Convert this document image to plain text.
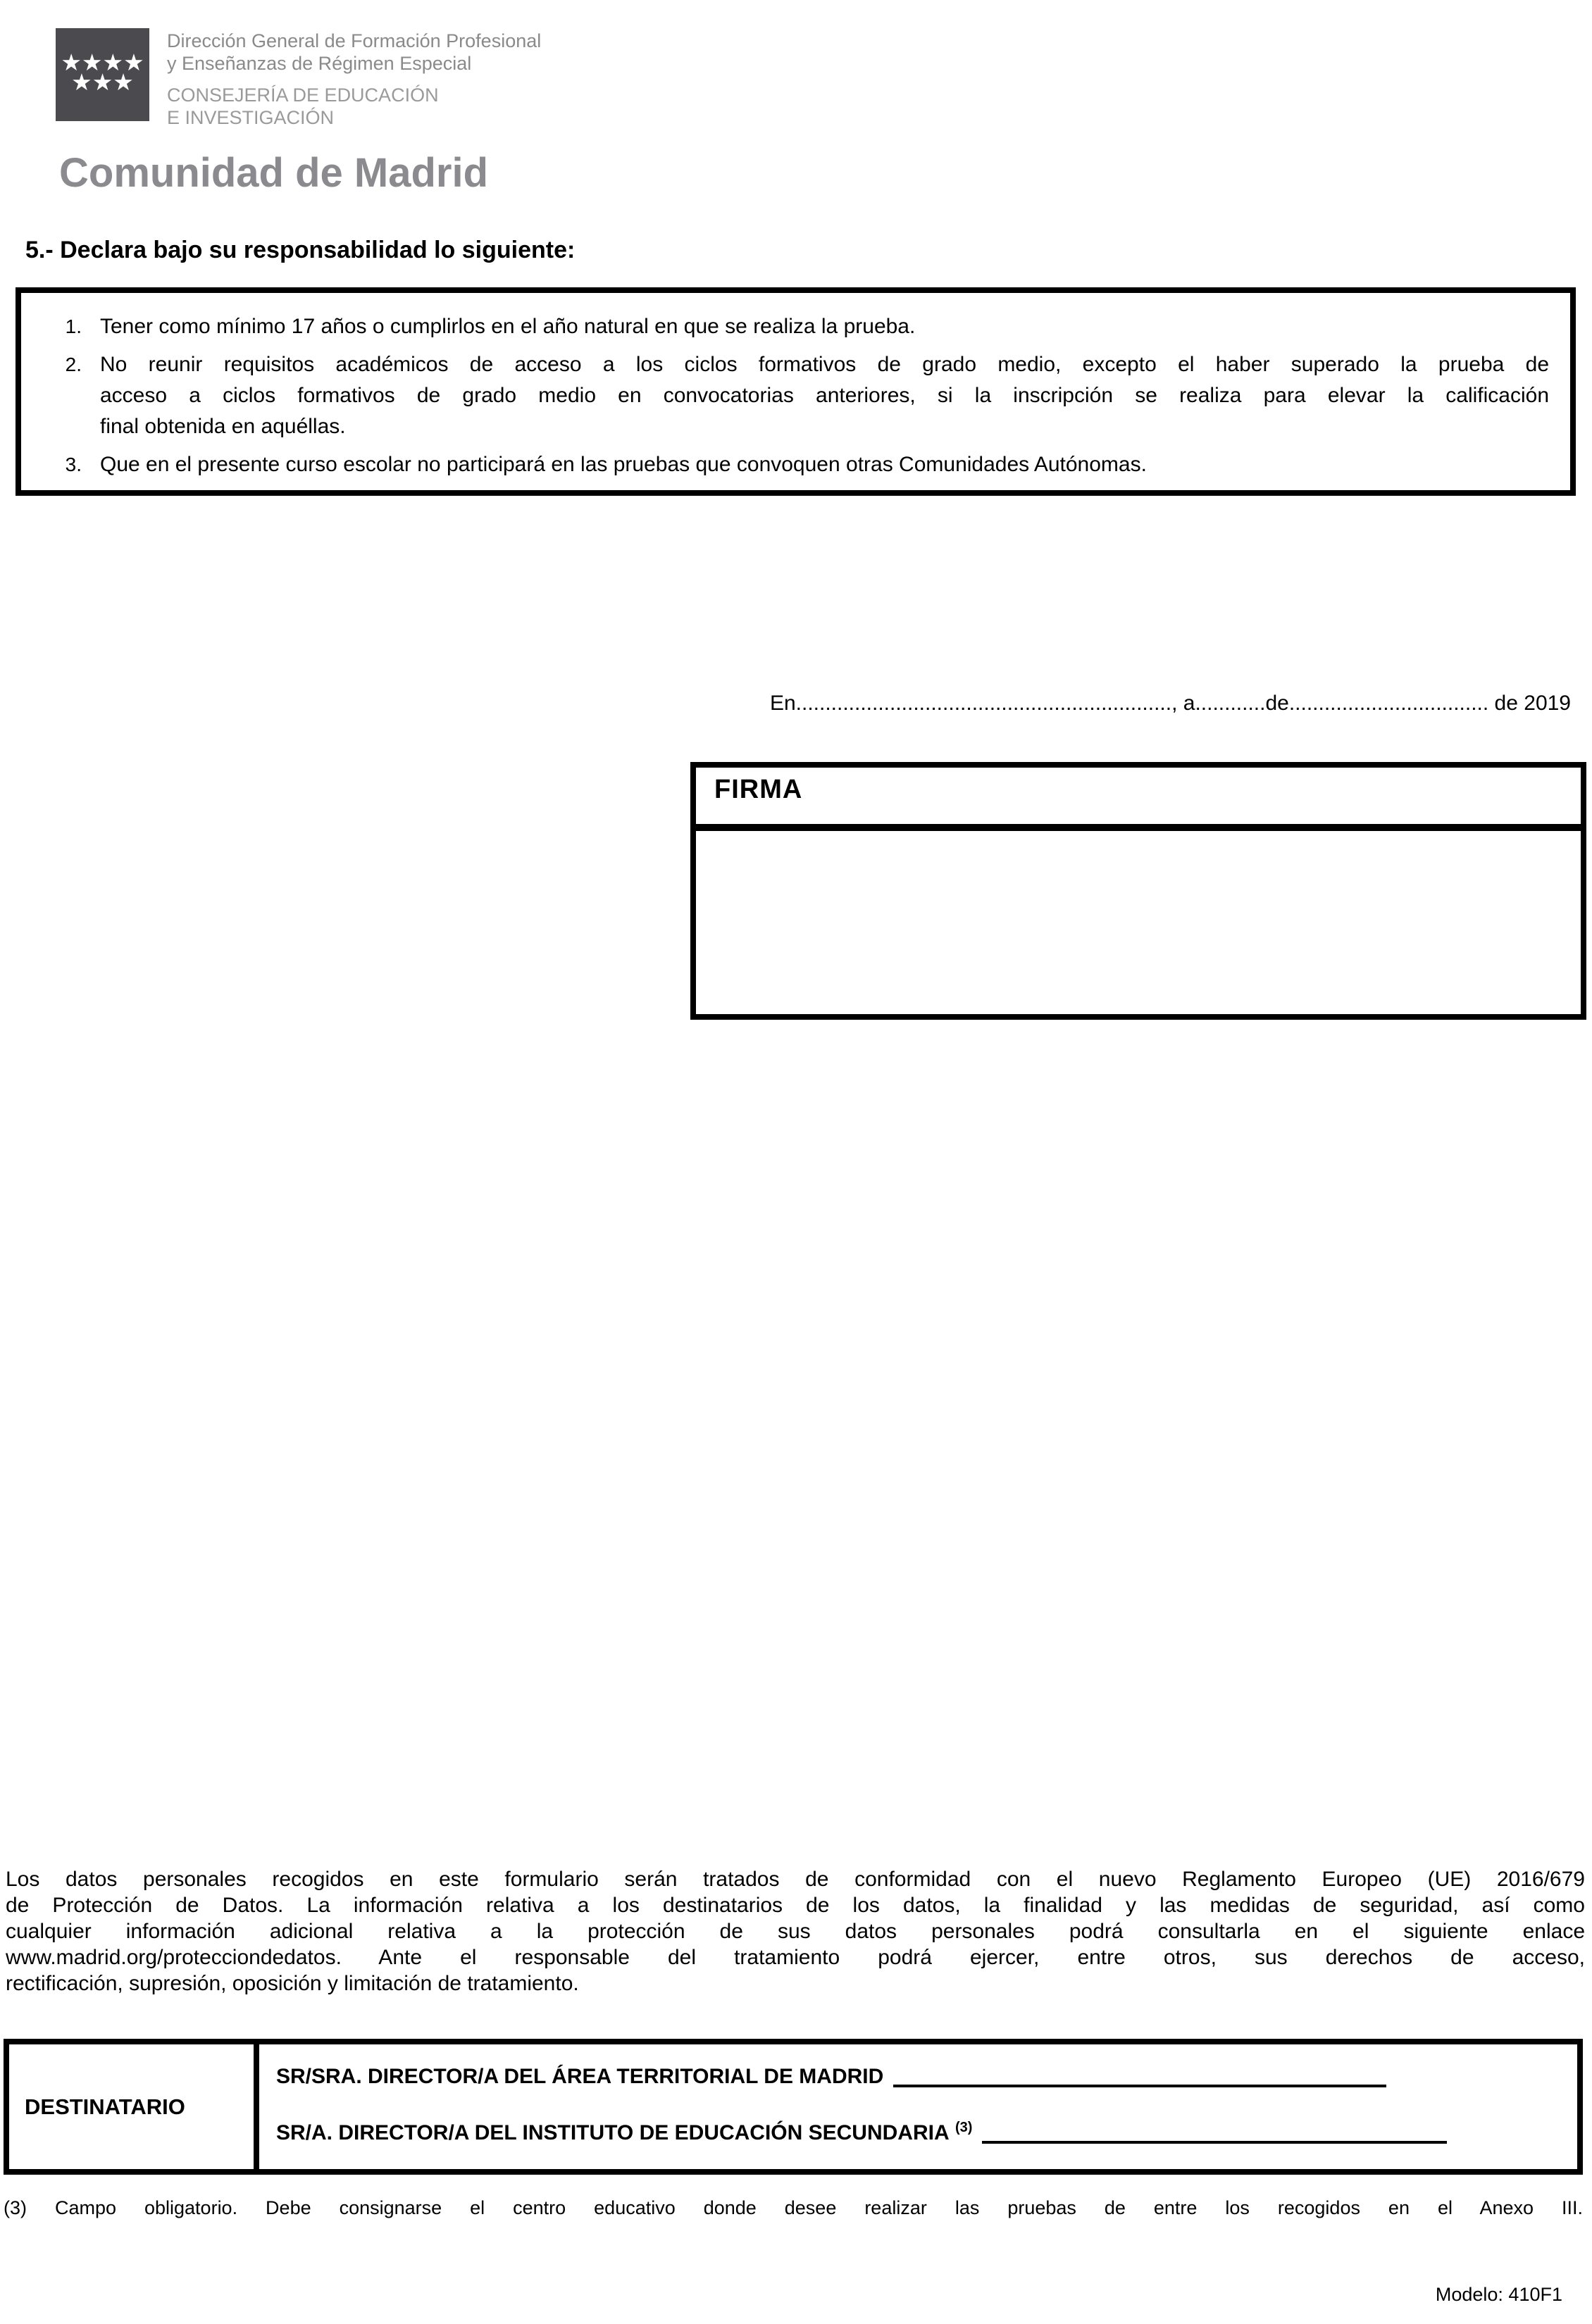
★★★★
★★★
Dirección General de Formación Profesional
y Enseñanzas de Régimen Especial
CONSEJERÍA DE EDUCACIÓN
E INVESTIGACIÓN
Comunidad de Madrid
5.- Declara bajo su responsabilidad lo siguiente:
1. Tener como mínimo 17 años o cumplirlos en el año natural en que se realiza la prueba.
2. No reunir requisitos académicos de acceso a los ciclos formativos de grado medio, excepto el haber superado la prueba de
acceso a ciclos formativos de grado medio en convocatorias anteriores, si la inscripción se realiza para elevar la calificación
final obtenida en aquéllas.
3. Que en el presente curso escolar no participará en las pruebas que convoquen otras Comunidades Autónomas.
En................................................................, a............de.................................. de 2019
FIRMA
Los datos personales recogidos en este formulario serán tratados de conformidad con el nuevo Reglamento Europeo (UE) 2016/679
de Protección de Datos. La información relativa a los destinatarios de los datos, la finalidad y las medidas de seguridad, así como
cualquier información adicional relativa a la protección de sus datos personales podrá consultarla en el siguiente enlace
www.madrid.org/protecciondedatos. Ante el responsable del tratamiento podrá ejercer, entre otros, sus derechos de acceso,
rectificación, supresión, oposición y limitación de tratamiento.
DESTINATARIO
SR/SRA. DIRECTOR/A DEL ÁREA TERRITORIAL DE MADRID
SR/A. DIRECTOR/A DEL INSTITUTO DE EDUCACIÓN SECUNDARIA $^{(3)}$
(3) Campo obligatorio. Debe consignarse el centro educativo donde desee realizar las pruebas de entre los recogidos en el Anexo III.
Modelo: 410F1
